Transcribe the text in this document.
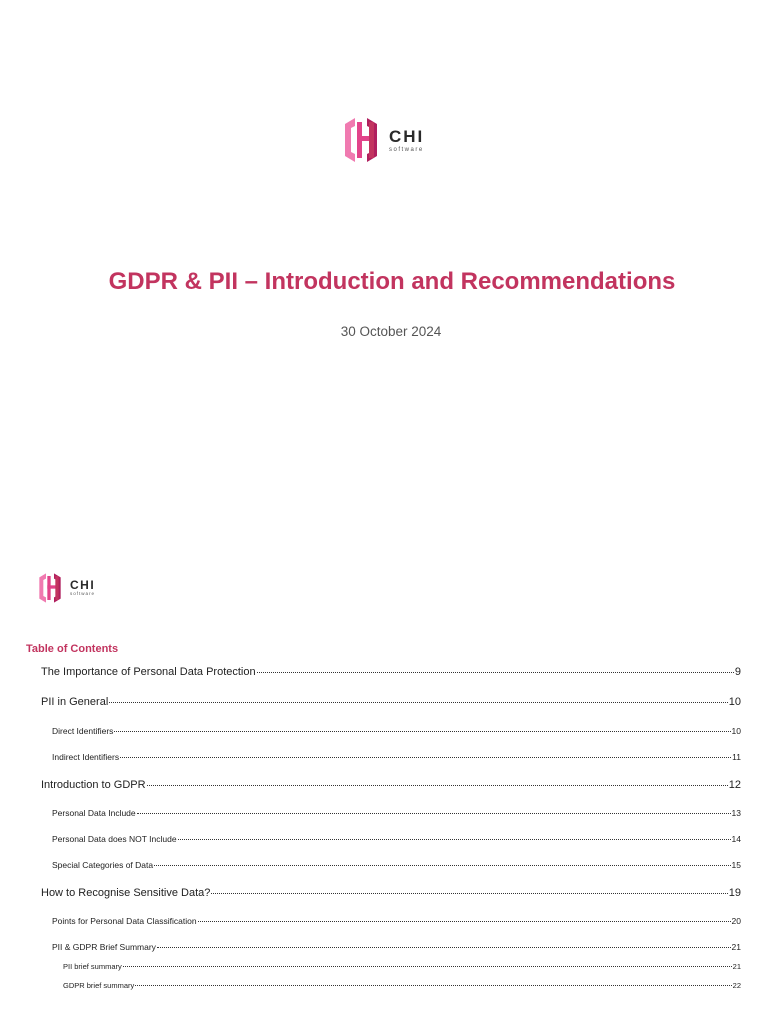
CHI
software
GDPR & PII – Introduction and Recommendations
30 October 2024
CHI
software
Table of Contents
The Importance of Personal Data Protection	9
PII in General	10
Direct Identifiers	10
Indirect Identifiers	11
Introduction to GDPR	12
Personal Data Include	13
Personal Data does NOT Include	14
Special Categories of Data	15
How to Recognise Sensitive Data?	19
Points for Personal Data Classification	20
PII & GDPR Brief Summary	21
PII brief summary	21
GDPR brief summary	22
